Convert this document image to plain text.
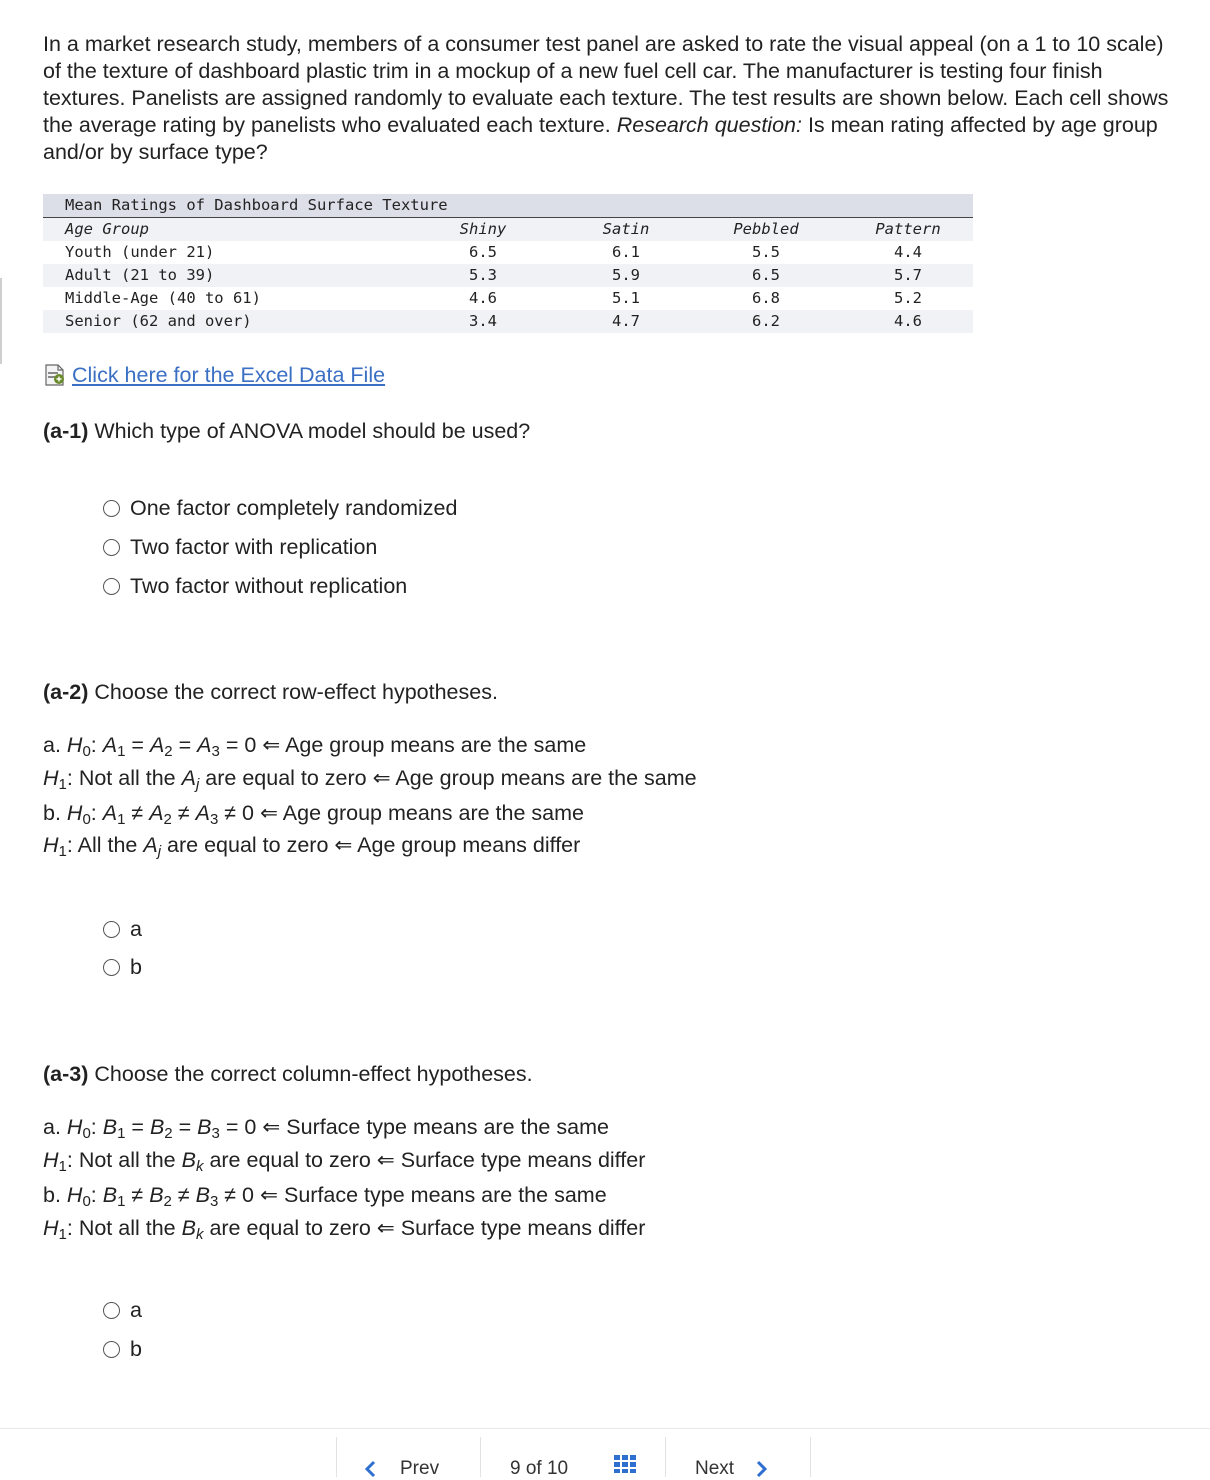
In a market research study, members of a consumer test panel are asked to rate the visual appeal (on a 1 to 10 scale) of the texture of dashboard plastic trim in a mockup of a new fuel cell car. The manufacturer is testing four finish textures. Panelists are assigned randomly to evaluate each texture. The test results are shown below. Each cell shows the average rating by panelists who evaluated each texture. Research question: Is mean rating affected by age group and/or by surface type?
Mean Ratings of Dashboard Surface Texture
Age Group	Shiny	Satin	Pebbled	Pattern
Youth (under 21)	6.5	6.1	5.5	4.4
Adult (21 to 39)	5.3	5.9	6.5	5.7
Middle-Age (40 to 61)	4.6	5.1	6.8	5.2
Senior (62 and over)	3.4	4.7	6.2	4.6
Click here for the Excel Data File
(a-1) Which type of ANOVA model should be used?
One factor completely randomized
Two factor with replication
Two factor without replication
(a-2) Choose the correct row-effect hypotheses.
a. $H_0$: $A_1 = A_2 = A_3 = 0$ ⇐ Age group means are the same
$H_1$: Not all the $A_j$ are equal to zero ⇐ Age group means are the same
b. $H_0$: $A_1 \ne A_2 \ne A_3 \ne 0$ ⇐ Age group means are the same
$H_1$: All the $A_j$ are equal to zero ⇐ Age group means differ
a
b
(a-3) Choose the correct column-effect hypotheses.
a. $H_0$: $B_1 = B_2 = B_3 = 0$ ⇐ Surface type means are the same
$H_1$: Not all the $B_k$ are equal to zero ⇐ Surface type means differ
b. $H_0$: $B_1 \ne B_2 \ne B_3 \ne 0$ ⇐ Surface type means are the same
$H_1$: Not all the $B_k$ are equal to zero ⇐ Surface type means differ
a
b
Prev	9 of 10	Next
